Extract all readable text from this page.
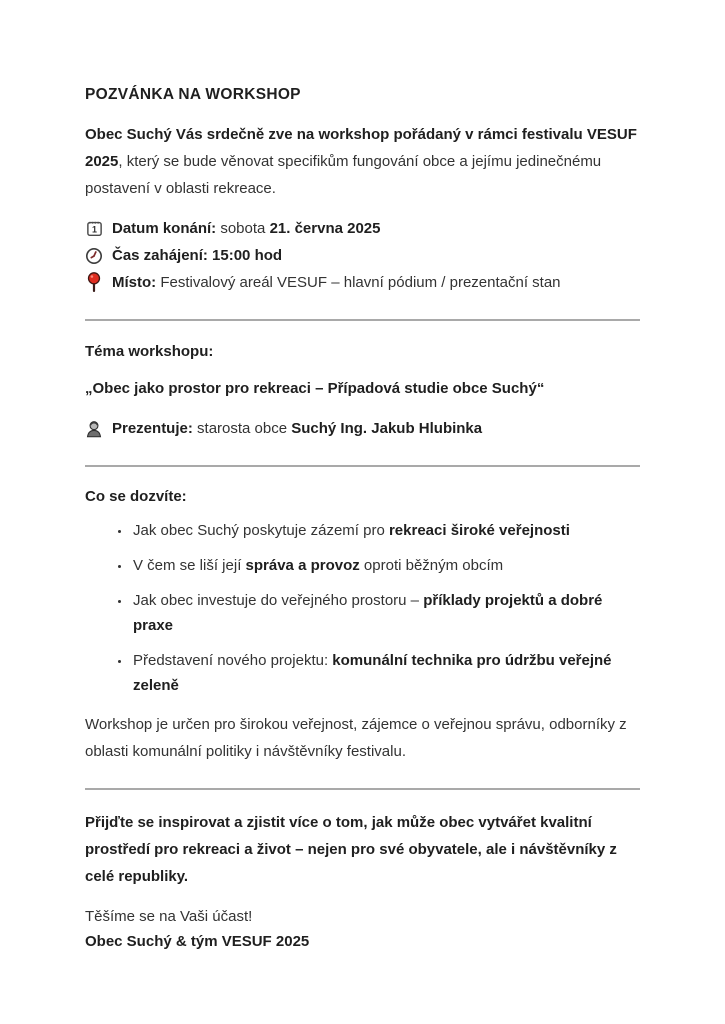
POZVÁNKA NA WORKSHOP

Obec Suchý Vás srdečně zve na workshop pořádaný v rámci festivalu VESUF 2025, který se bude věnovat specifikům fungování obce a jejímu jedinečnému postavení v oblasti rekreace.

1 Datum konání: sobota 21. června 2025
Čas zahájení: 15:00 hod
Místo: Festivalový areál VESUF – hlavní pódium / prezentační stan

Téma workshopu:

„Obec jako prostor pro rekreaci – Případová studie obce Suchý“

Prezentuje: starosta obce Suchý Ing. Jakub Hlubinka

Co se dozvíte:

• Jak obec Suchý poskytuje zázemí pro rekreaci široké veřejnosti
• V čem se liší její správa a provoz oproti běžným obcím
• Jak obec investuje do veřejného prostoru – příklady projektů a dobré praxe
• Představení nového projektu: komunální technika pro údržbu veřejné zeleně

Workshop je určen pro širokou veřejnost, zájemce o veřejnou správu, odborníky z oblasti komunální politiky i návštěvníky festivalu.

Přijďte se inspirovat a zjistit více o tom, jak může obec vytvářet kvalitní prostředí pro rekreaci a život – nejen pro své obyvatele, ale i návštěvníky z celé republiky.

Těšíme se na Vaši účast!
Obec Suchý & tým VESUF 2025
